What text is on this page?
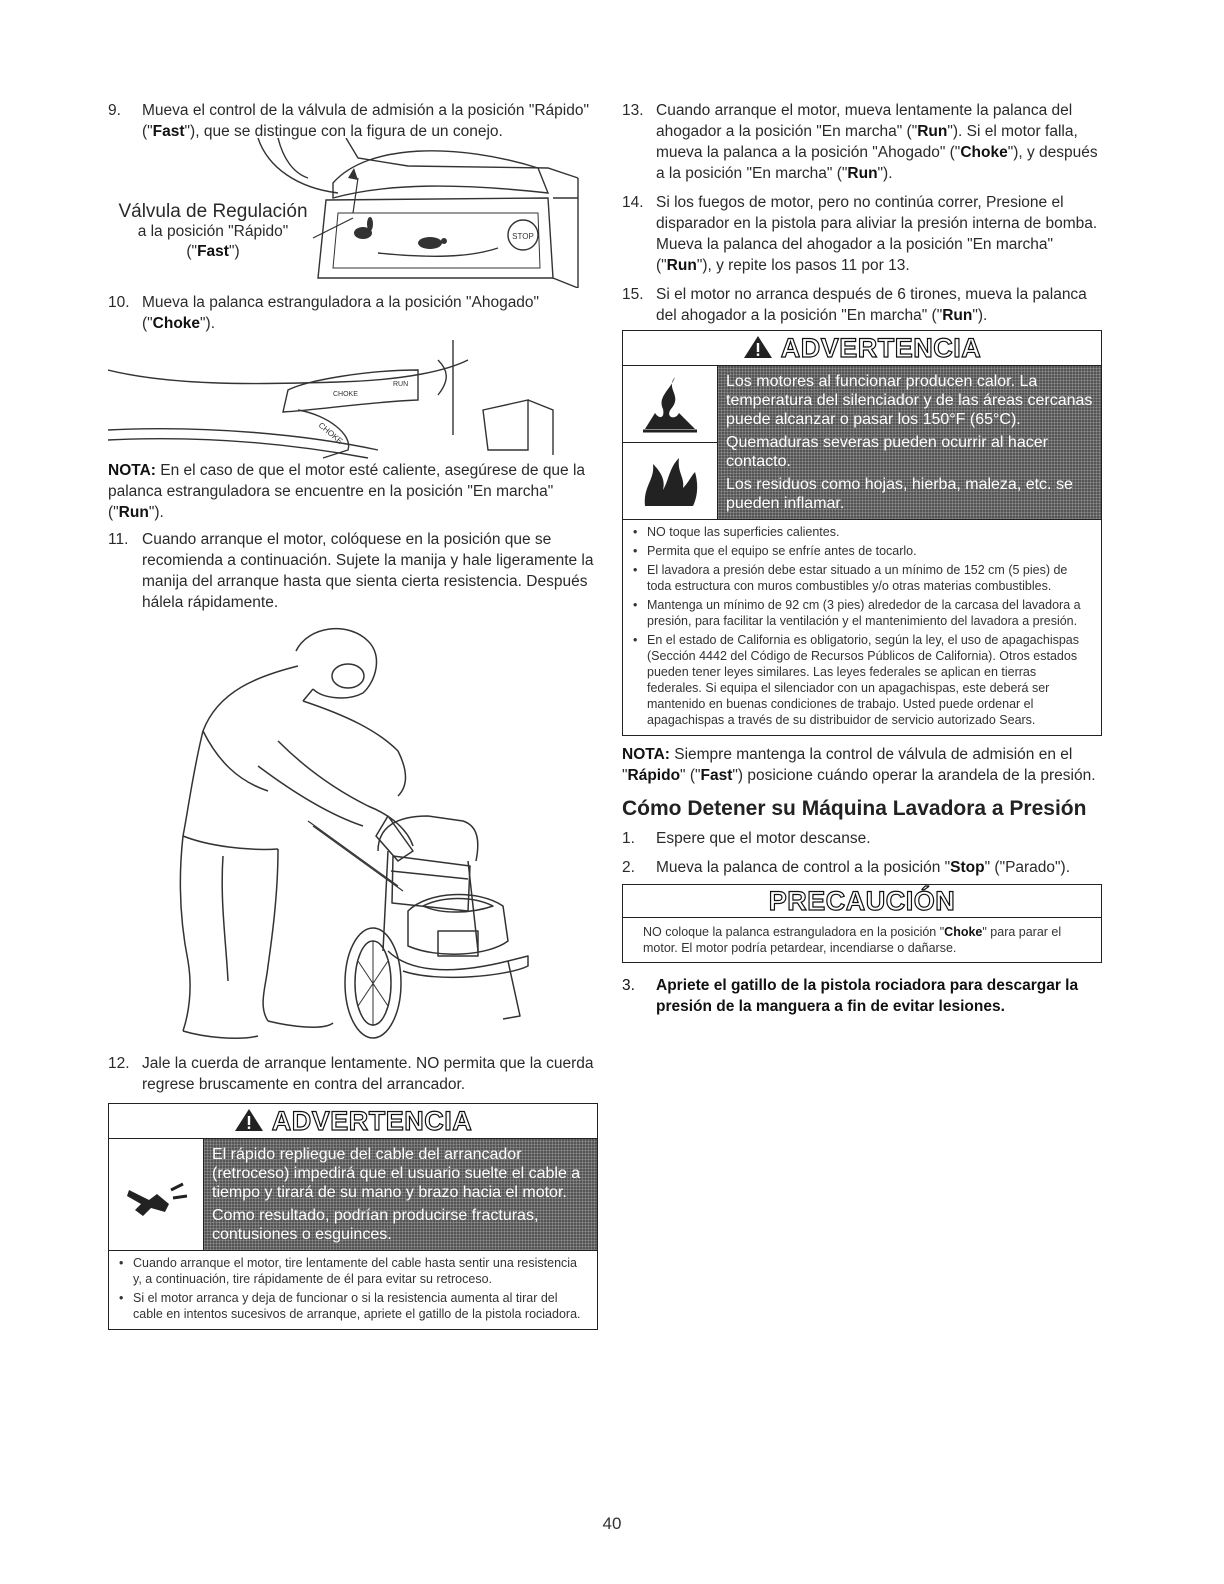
9. Mueva el control de la válvula de admisión a la posición "Rápido" ("Fast"), que se distingue con la figura de un conejo.
STOP
Válvula de Regulación
a la posición "Rápido"
("Fast")
10. Mueva la palanca estranguladora a la posición "Ahogado" ("Choke").
CHOKE
RUN
CHOKE
NOTA: En el caso de que el motor esté caliente, asegúrese de que la palanca estranguladora se encuentre en la posición "En marcha" ("Run").
11. Cuando arranque el motor, colóquese en la posición que se recomienda a continuación. Sujete la manija y hale ligeramente la manija del arranque hasta que sienta cierta resistencia. Después hálela rápidamente.
12. Jale la cuerda de arranque lentamente. NO permita que la cuerda regrese bruscamente en contra del arrancador.
ADVERTENCIA

El rápido repliegue del cable del arrancador (retroceso) impedirá que el usuario suelte el cable a tiempo y tirará de su mano y brazo hacia el motor.

Como resultado, podrían producirse fracturas, contusiones o esguinces.

• Cuando arranque el motor, tire lentamente del cable hasta sentir una resistencia y, a continuación, tire rápidamente de él para evitar su retroceso.
• Si el motor arranca y deja de funcionar o si la resistencia aumenta al tirar del cable en intentos sucesivos de arranque, apriete el gatillo de la pistola rociadora.
13. Cuando arranque el motor, mueva lentamente la palanca del ahogador a la posición "En marcha" ("Run"). Si el motor falla, mueva la palanca a la posición "Ahogado" ("Choke"), y después a la posición "En marcha" ("Run").
14. Si los fuegos de motor, pero no continúa correr, Presione el disparador en la pistola para aliviar la presión interna de bomba. Mueva la palanca del ahogador a la posición "En marcha" ("Run"), y repite los pasos 11 por 13.
15. Si el motor no arranca después de 6 tirones, mueva la palanca del ahogador a la posición "En marcha" ("Run").
ADVERTENCIA

Los motores al funcionar producen calor. La temperatura del silenciador y de las áreas cercanas puede alcanzar o pasar los 150°F (65°C).

Quemaduras severas pueden ocurrir al hacer contacto.

Los residuos como hojas, hierba, maleza, etc. se pueden inflamar.

• NO toque las superficies calientes.
• Permita que el equipo se enfríe antes de tocarlo.
• El lavadora a presión debe estar situado a un mínimo de 152 cm (5 pies) de toda estructura con muros combustibles y/o otras materias combustibles.
• Mantenga un mínimo de 92 cm (3 pies) alrededor de la carcasa del lavadora a presión, para facilitar la ventilación y el mantenimiento del lavadora a presión.
• En el estado de California es obligatorio, según la ley, el uso de apagachispas (Sección 4442 del Código de Recursos Públicos de California). Otros estados pueden tener leyes similares. Las leyes federales se aplican en tierras federales. Si equipa el silenciador con un apagachispas, este deberá ser mantenido en buenas condiciones de trabajo. Usted puede ordenar el apagachispas a través de su distribuidor de servicio autorizado Sears.
NOTA: Siempre mantenga la control de válvula de admisión en el "Rápido" ("Fast") posicione cuándo operar la arandela de la presión.
Cómo Detener su Máquina Lavadora a Presión
1. Espere que el motor descanse.
2. Mueva la palanca de control a la posición "Stop" ("Parado").
PRECAUCIÓN
NO coloque la palanca estranguladora en la posición "Choke" para parar el motor. El motor podría petardear, incendiarse o dañarse.
3. Apriete el gatillo de la pistola rociadora para descargar la presión de la manguera a fin de evitar lesiones.
40
